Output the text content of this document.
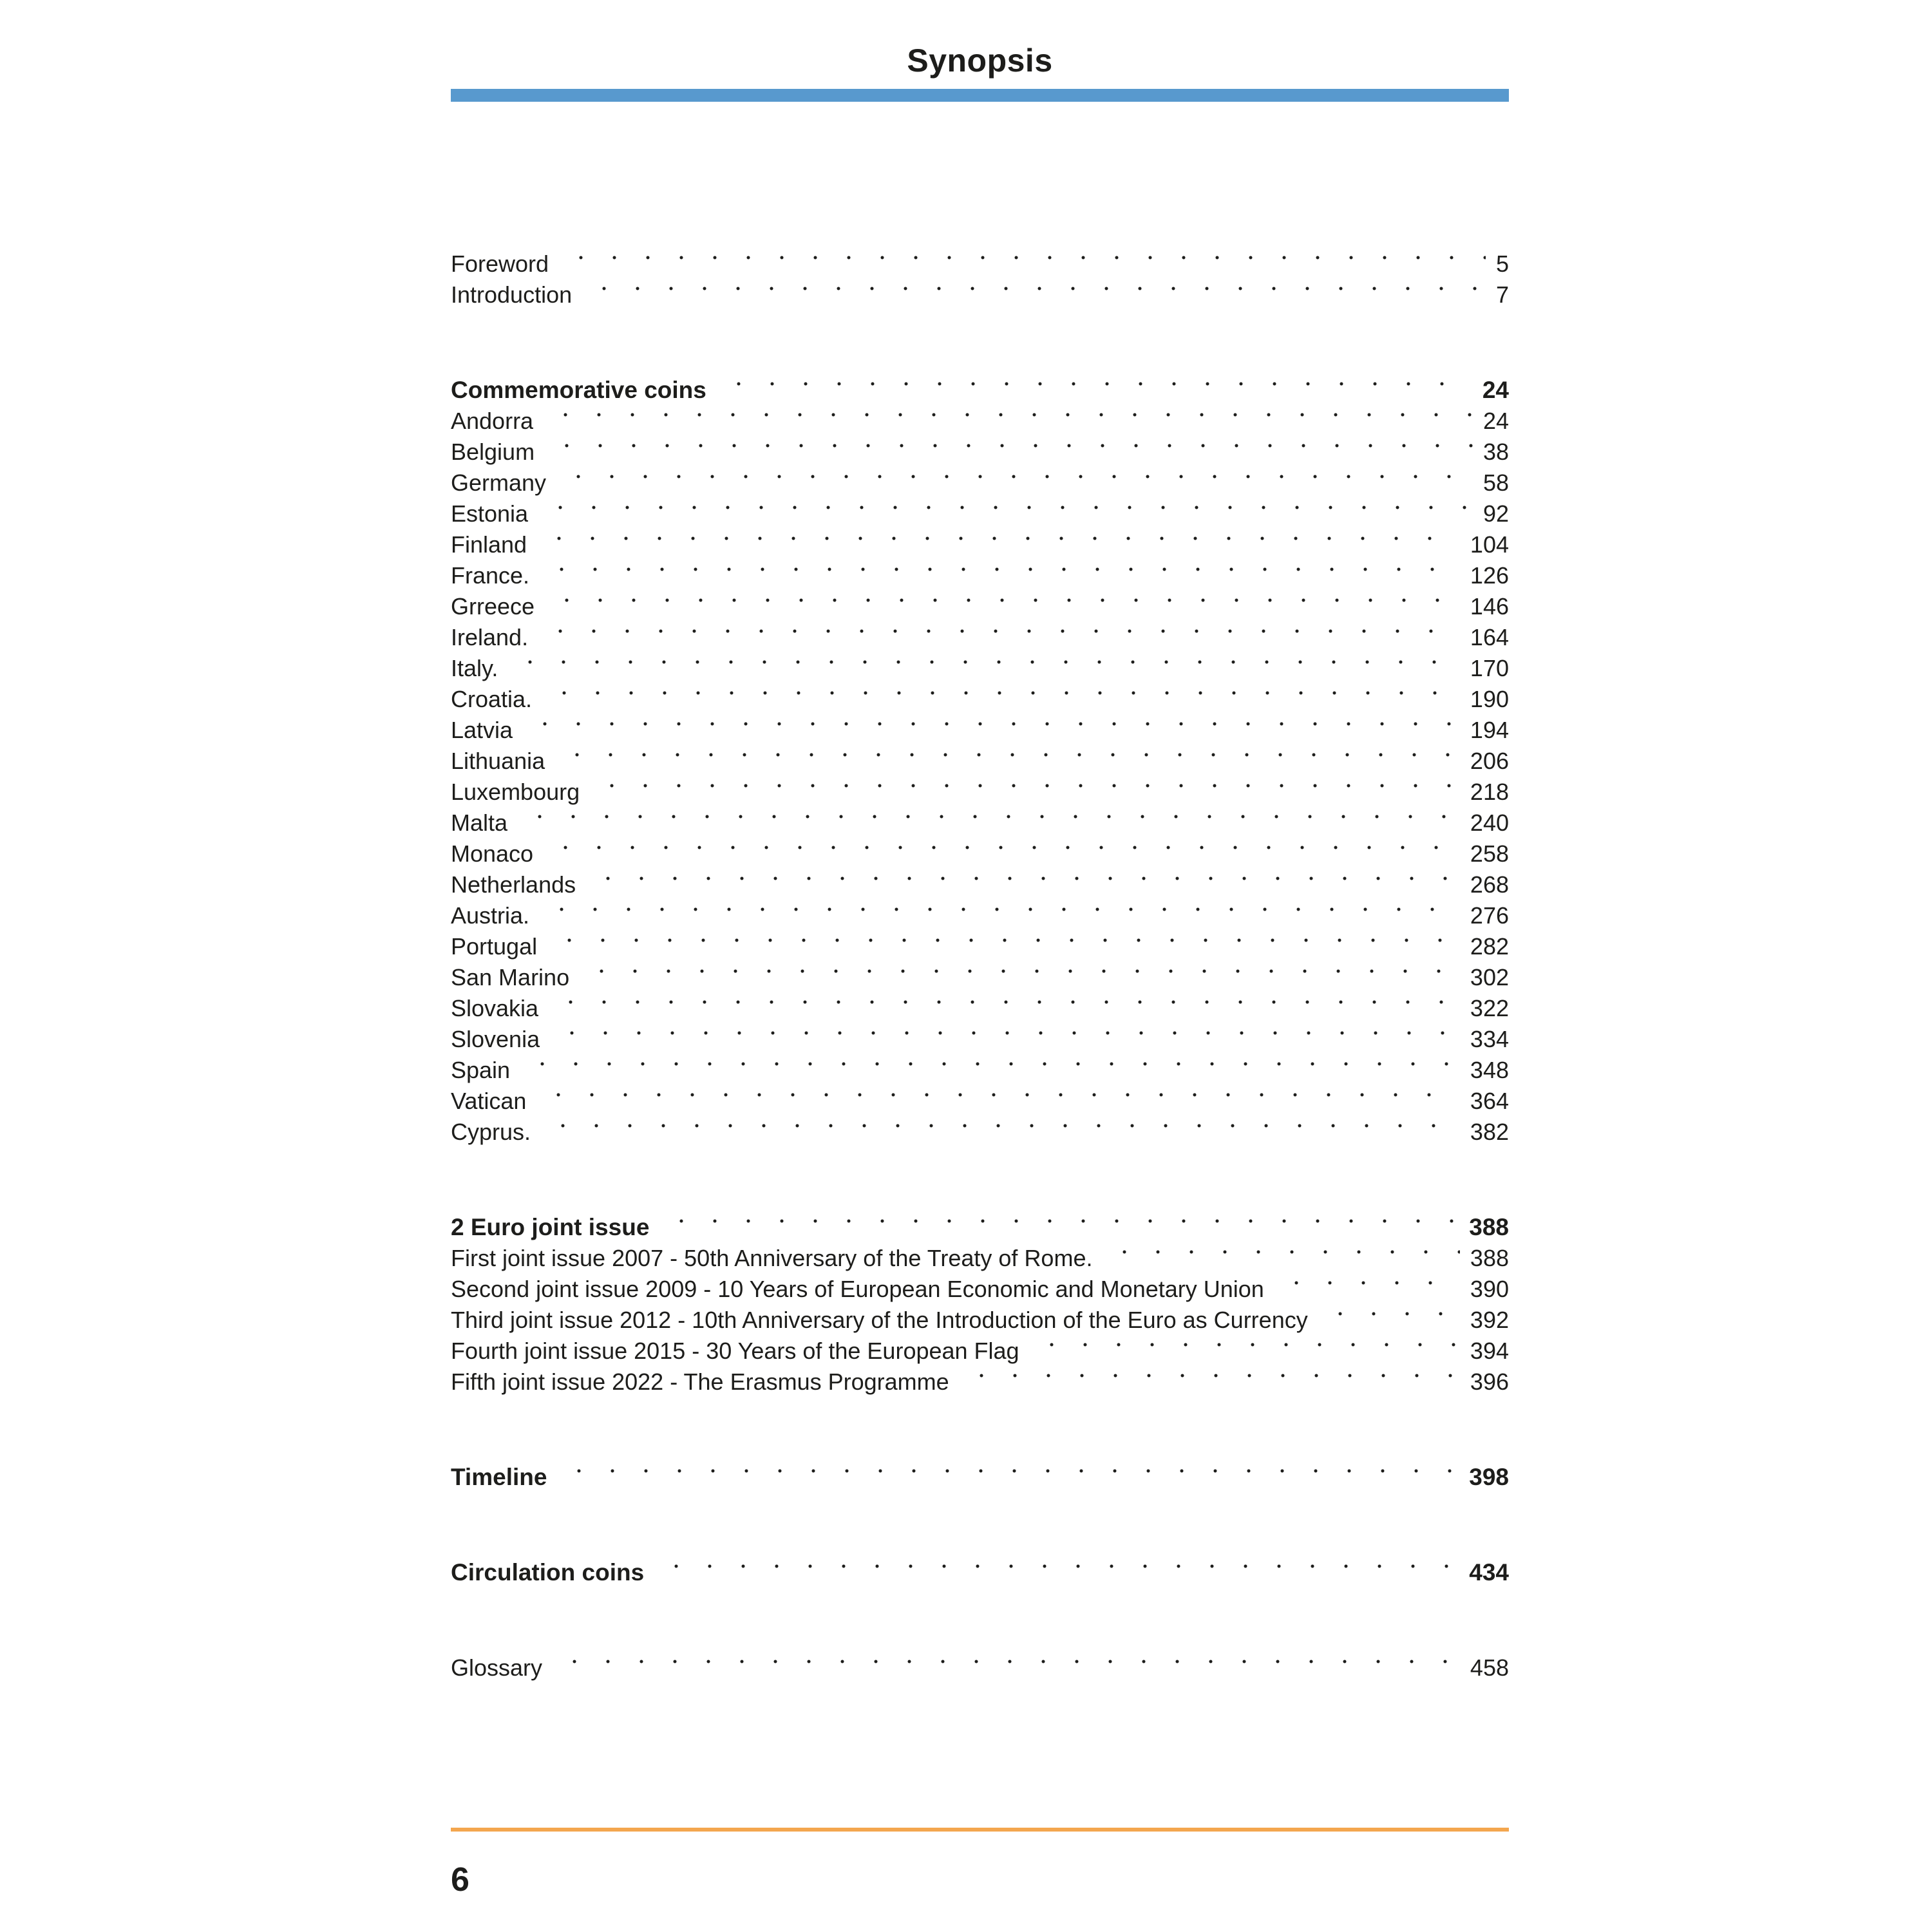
Synopsis
Foreword	5
Introduction	7
Commemorative coins	24
Andorra	24
Belgium	38
Germany	58
Estonia	92
Finland	104
France.	126
Grreece	146
Ireland.	164
Italy.	170
Croatia.	190
Latvia	194
Lithuania	206
Luxembourg	218
Malta	240
Monaco	258
Netherlands	268
Austria.	276
Portugal	282
San Marino	302
Slovakia	322
Slovenia	334
Spain	348
Vatican	364
Cyprus.	382
2 Euro joint issue	388
First joint issue 2007 - 50th Anniversary of the Treaty of Rome.	388
Second joint issue 2009 - 10 Years of European Economic and Monetary Union	390
Third joint issue 2012 - 10th Anniversary of the Introduction of the Euro as Currency	392
Fourth joint issue 2015 - 30 Years of the European Flag	394
Fifth joint issue 2022 - The Erasmus Programme	396
Timeline	398
Circulation coins	434
Glossary	458
6
